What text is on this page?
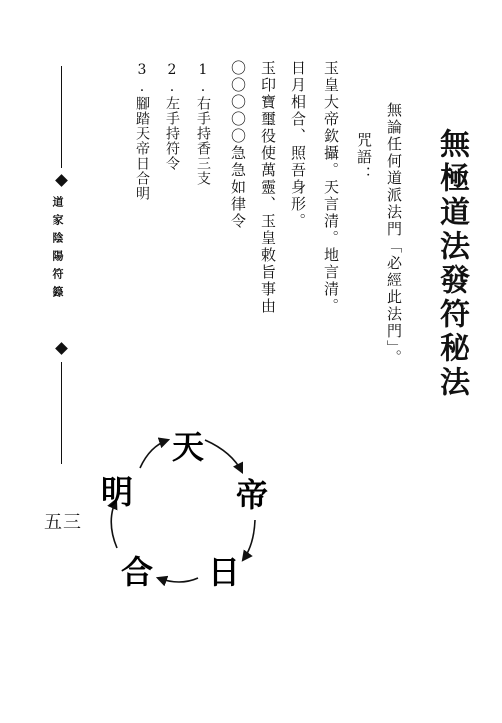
無極道法發符秘法
無論任何道派法門「必經此法門」。
咒語：
玉皇大帝欽攝。天言清。地言清。
日月相合、照吾身形。
玉印寶璽役使萬靈、玉皇敕旨事由
〇〇〇〇〇急急如律令
1.右手持香三支
2.左手持符令
3.腳踏天帝日合明
道家陰陽符籙
五三
天
帝
日
合
明
